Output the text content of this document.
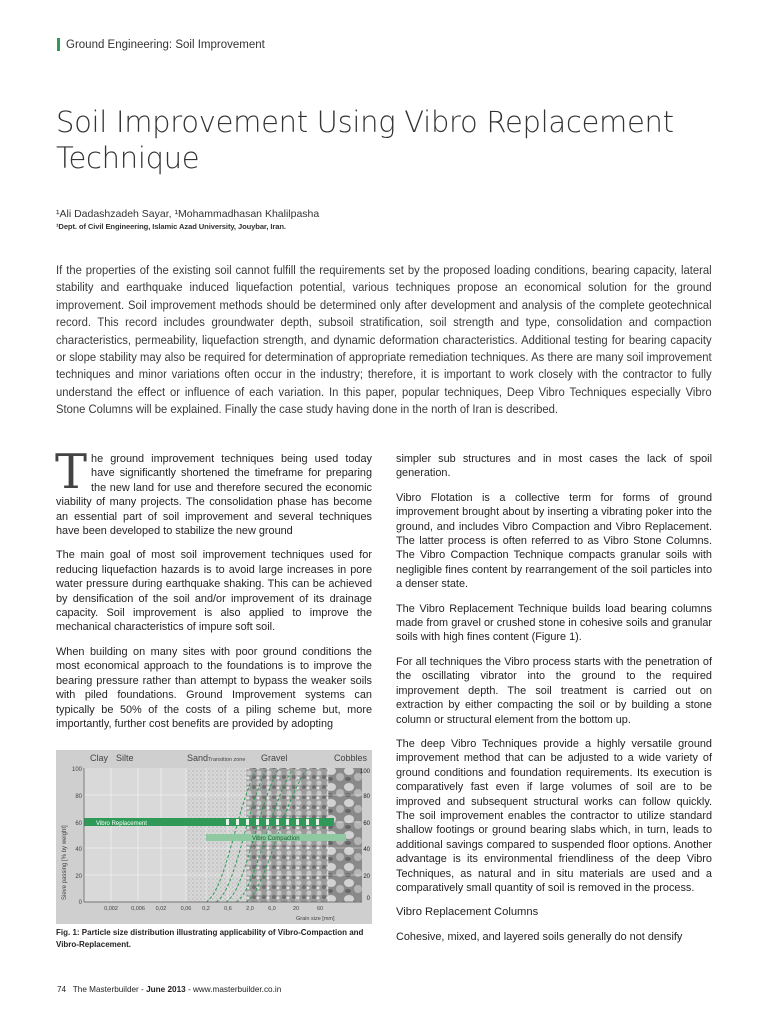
Ground Engineering: Soil Improvement
Soil Improvement Using Vibro Replacement Technique
¹Ali Dadashzadeh Sayar, ¹Mohammadhasan Khalilpasha
¹Dept. of Civil Engineering, Islamic Azad University, Jouybar, Iran.

If the properties of the existing soil cannot fulfill the requirements set by the proposed loading conditions, bearing capacity, lateral stability and earthquake induced liquefaction potential, various techniques propose an economical solution for the ground improvement. Soil improvement methods should be determined only after development and analysis of the complete geotechnical record. This record includes groundwater depth, subsoil stratification, soil strength and type, consolidation and compaction characteristics, permeability, liquefaction strength, and dynamic deformation characteristics. Additional testing for bearing capacity or slope stability may also be required for determination of appropriate remediation techniques. As there are many soil improvement techniques and minor variations often occur in the industry; therefore, it is important to work closely with the contractor to fully understand the effect or influence of each variation. In this paper, popular techniques, Deep Vibro Techniques especially Vibro Stone Columns will be explained. Finally the case study having done in the north of Iran is described.

The ground improvement techniques being used today have significantly shortened the timeframe for preparing the new land for use and therefore secured the economic viability of many projects. The consolidation phase has become an essential part of soil improvement and several techniques have been developed to stabilize the new ground

The main goal of most soil improvement techniques used for reducing liquefaction hazards is to avoid large increases in pore water pressure during earthquake shaking. This can be achieved by densification of the soil and/or improvement of its drainage capacity. Soil improvement is also applied to improve the mechanical characteristics of impure soft soil.

When building on many sites with poor ground conditions the most economical approach to the foundations is to improve the bearing pressure rather than attempt to bypass the weaker soils with piled foundations. Ground Improvement systems can typically be 50% of the costs of a piling scheme but, more importantly, further cost benefits are provided by adopting

Vibro Replacement
Vibro Compaction
Clay Silte	Sand Transition zone Gravel	Cobbles
100
80
60
40
20
0
100
80
60
40
20
0
0,002 0,006 0,02	0,06 0,2	0,6	2,0	6,0	20	60
Grain size [mm]
Sieve passing [% by weight]
Fig. 1: Particle size distribution illustrating applicability of Vibro-Compaction and Vibro-Replacement.

simpler sub structures and in most cases the lack of spoil generation.

Vibro Flotation is a collective term for forms of ground improvement brought about by inserting a vibrating poker into the ground, and includes Vibro Compaction and Vibro Replacement. The latter process is often referred to as Vibro Stone Columns. The Vibro Compaction Technique compacts granular soils with negligible fines content by rearrangement of the soil particles into a denser state.

The Vibro Replacement Technique builds load bearing columns made from gravel or crushed stone in cohesive soils and granular soils with high fines content (Figure 1).

For all techniques the Vibro process starts with the penetration of the oscillating vibrator into the ground to the required improvement depth. The soil treatment is carried out on extraction by either compacting the soil or by building a stone column or structural element from the bottom up.

The deep Vibro Techniques provide a highly versatile ground improvement method that can be adjusted to a wide variety of ground conditions and foundation requirements. Its execution is comparatively fast even if large volumes of soil are to be improved and subsequent structural works can follow quickly. The soil improvement enables the contractor to utilize standard shallow footings or ground bearing slabs which, in turn, leads to additional savings compared to suspended floor options. Another advantage is its environmental friendliness of the deep Vibro Techniques, as natural and in situ materials are used and a comparatively small quantity of soil is removed in the process.

Vibro Replacement Columns

Cohesive, mixed, and layered soils generally do not densify

74 The Masterbuilder - June 2013 - www.masterbuilder.co.in
